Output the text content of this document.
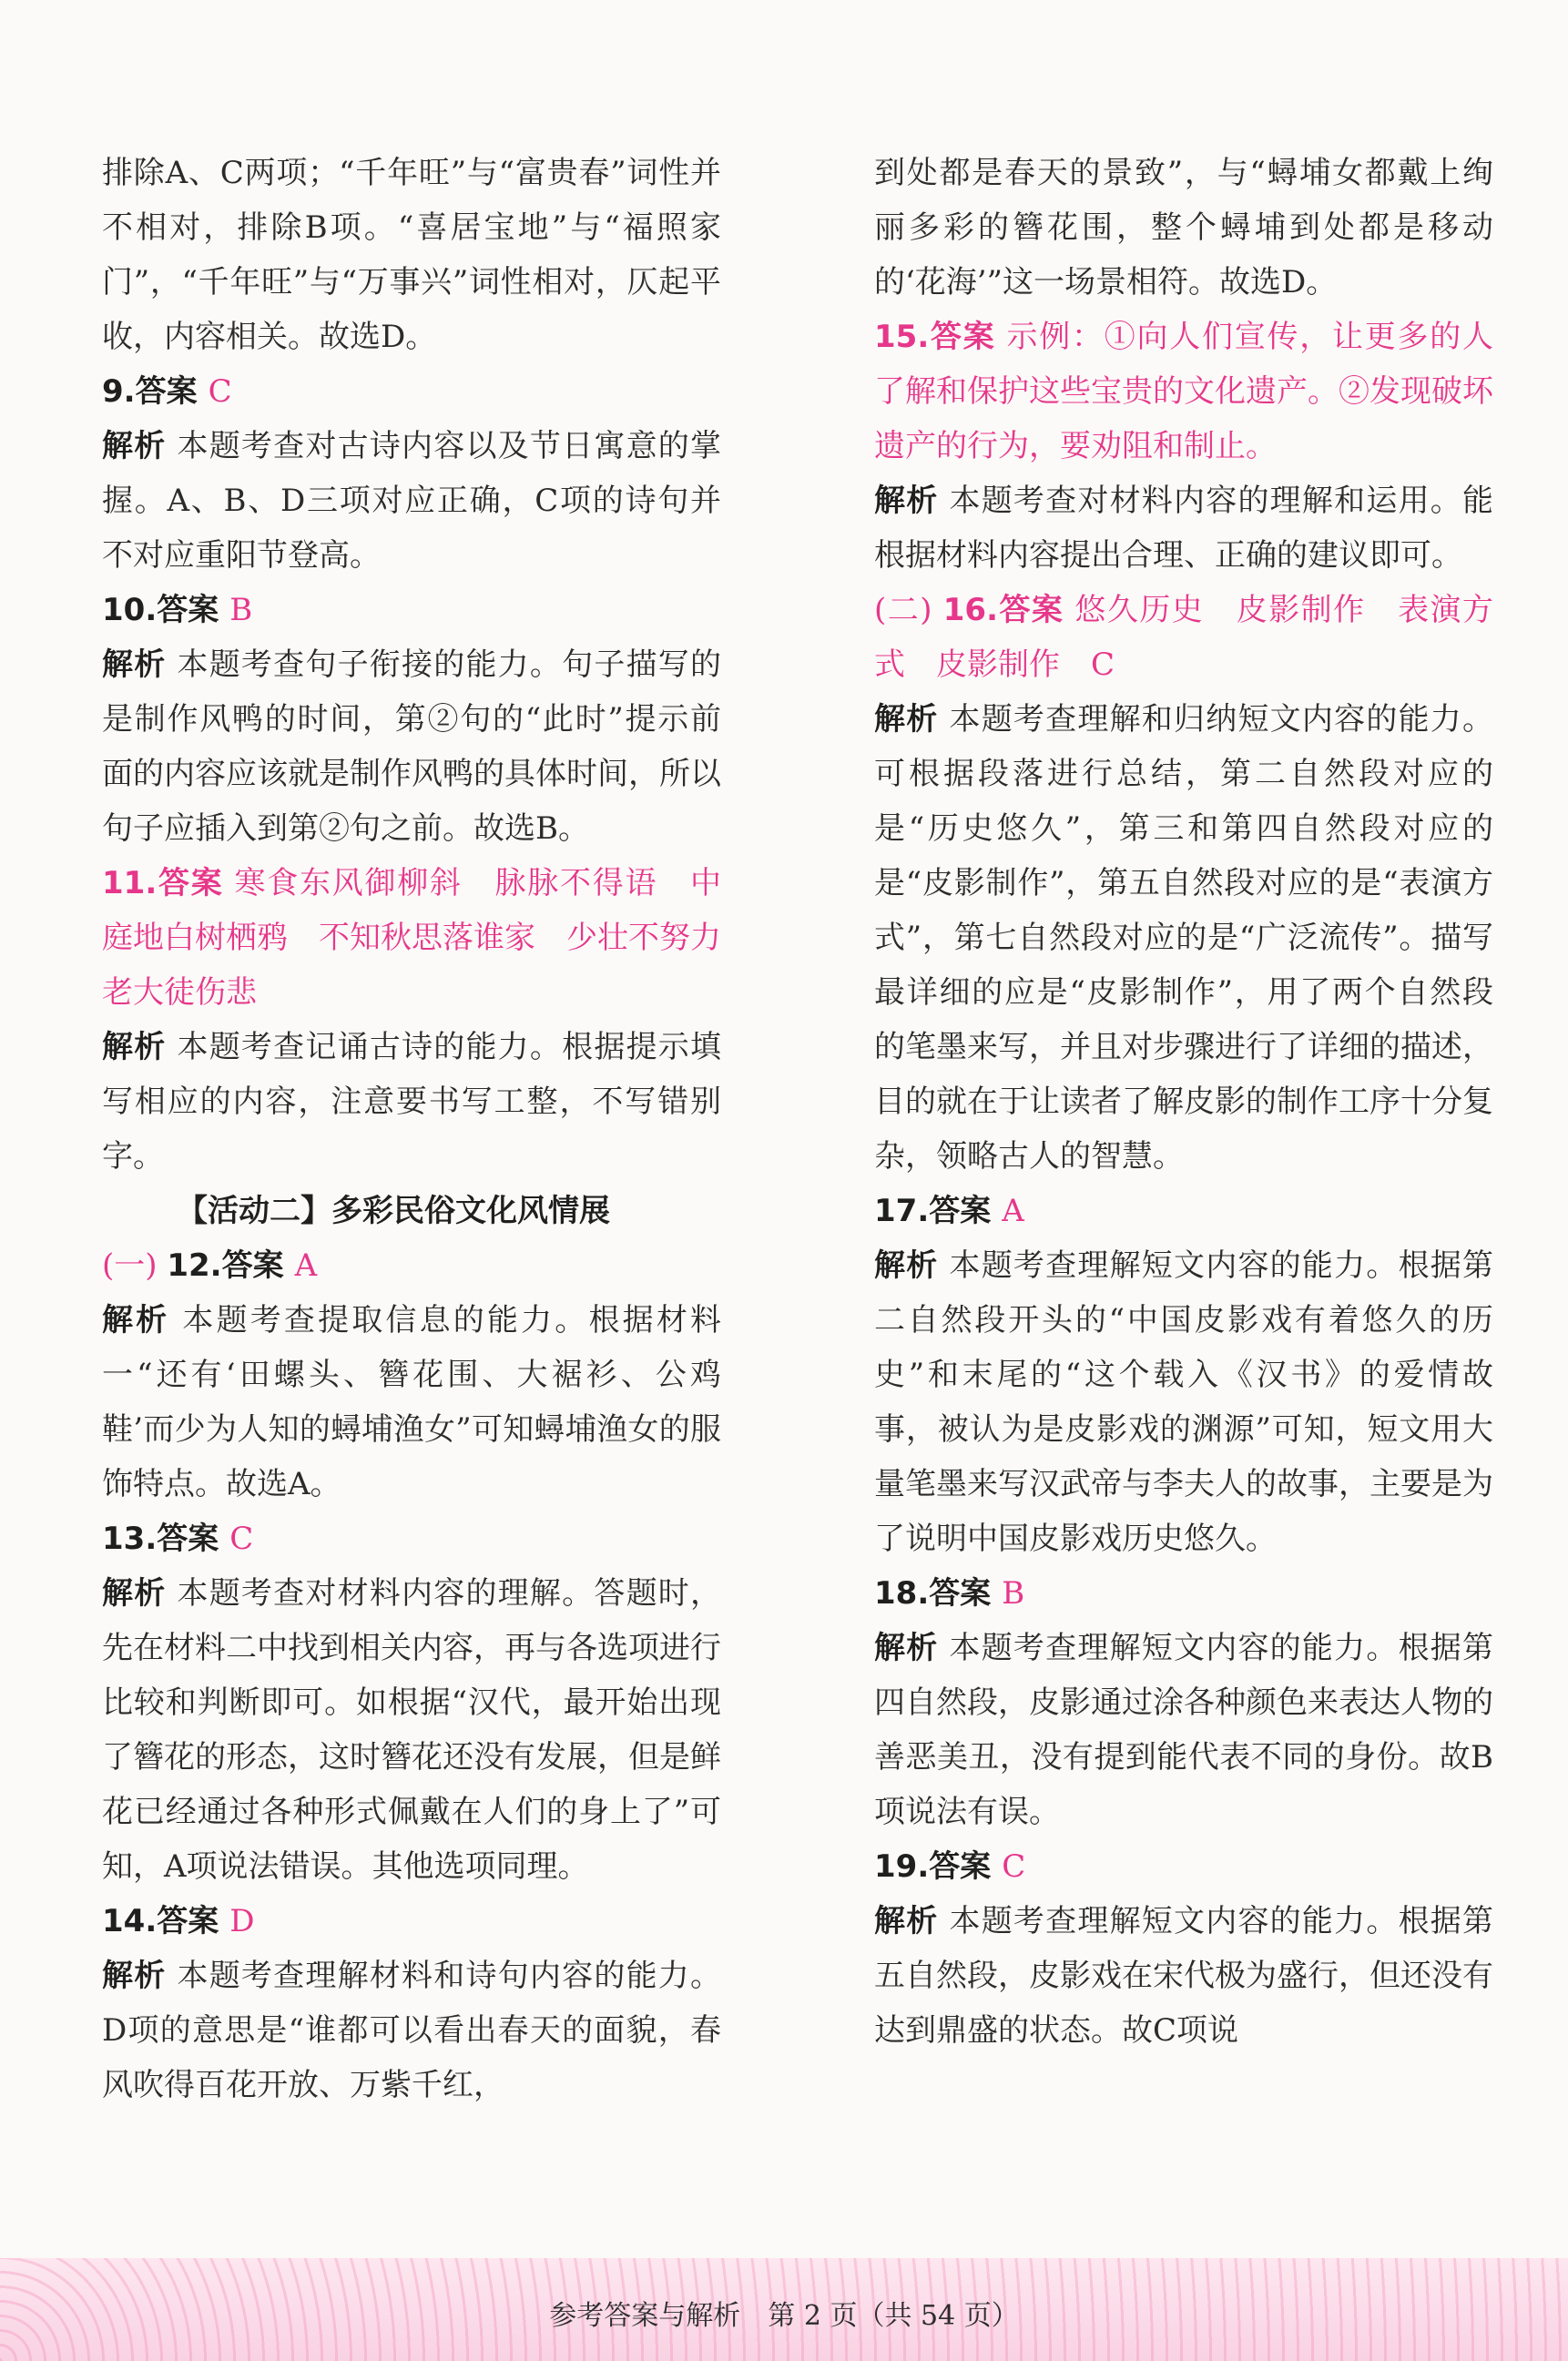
排除A、C两项；“千年旺”与“富贵春”词性并不相对，排除B项。“喜居宝地”与“福照家门”，“千年旺”与“万事兴”词性相对，仄起平收，内容相关。故选D。

9.答案 C

解析 本题考查对古诗内容以及节日寓意的掌握。A、B、D三项对应正确，C项的诗句并不对应重阳节登高。

10.答案 B

解析 本题考查句子衔接的能力。句子描写的是制作风鸭的时间，第②句的“此时”提示前面的内容应该就是制作风鸭的具体时间，所以句子应插入到第②句之前。故选B。

11.答案 寒食东风御柳斜　脉脉不得语　中庭地白树栖鸦　不知秋思落谁家　少壮不努力　老大徒伤悲

解析 本题考查记诵古诗的能力。根据提示填写相应的内容，注意要书写工整，不写错别字。

【活动二】多彩民俗文化风情展

(一) 12.答案 A

解析 本题考查提取信息的能力。根据材料一“还有‘田螺头、簪花围、大裾衫、公鸡鞋’而少为人知的蟳埔渔女”可知蟳埔渔女的服饰特点。故选A。

13.答案 C

解析 本题考查对材料内容的理解。答题时，先在材料二中找到相关内容，再与各选项进行比较和判断即可。如根据“汉代，最开始出现了簪花的形态，这时簪花还没有发展，但是鲜花已经通过各种形式佩戴在人们的身上了”可知，A项说法错误。其他选项同理。

14.答案 D

解析 本题考查理解材料和诗句内容的能力。D项的意思是“谁都可以看出春天的面貌，春风吹得百花开放、万紫千红，

到处都是春天的景致”，与“蟳埔女都戴上绚丽多彩的簪花围，整个蟳埔到处都是移动的‘花海’”这一场景相符。故选D。

15.答案 示例：①向人们宣传，让更多的人了解和保护这些宝贵的文化遗产。②发现破坏遗产的行为，要劝阻和制止。

解析 本题考查对材料内容的理解和运用。能根据材料内容提出合理、正确的建议即可。

(二) 16.答案 悠久历史　皮影制作　表演方式　皮影制作　C

解析 本题考查理解和归纳短文内容的能力。可根据段落进行总结，第二自然段对应的是“历史悠久”，第三和第四自然段对应的是“皮影制作”，第五自然段对应的是“表演方式”，第七自然段对应的是“广泛流传”。描写最详细的应是“皮影制作”，用了两个自然段的笔墨来写，并且对步骤进行了详细的描述，目的就在于让读者了解皮影的制作工序十分复杂，领略古人的智慧。

17.答案 A

解析 本题考查理解短文内容的能力。根据第二自然段开头的“中国皮影戏有着悠久的历史”和末尾的“这个载入《汉书》的爱情故事，被认为是皮影戏的渊源”可知，短文用大量笔墨来写汉武帝与李夫人的故事，主要是为了说明中国皮影戏历史悠久。

18.答案 B

解析 本题考查理解短文内容的能力。根据第四自然段，皮影通过涂各种颜色来表达人物的善恶美丑，没有提到能代表不同的身份。故B项说法有误。

19.答案 C

解析 本题考查理解短文内容的能力。根据第五自然段，皮影戏在宋代极为盛行，但还没有达到鼎盛的状态。故C项说

参考答案与解析　第 2 页（共 54 页）
